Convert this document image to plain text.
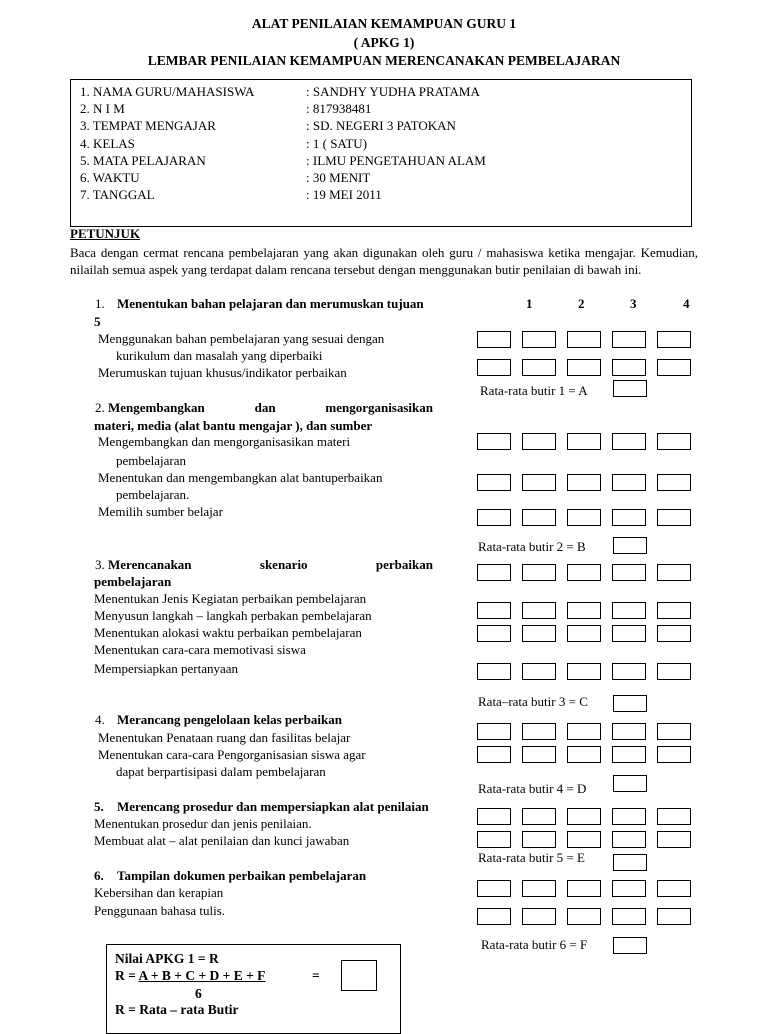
ALAT PENILAIAN KEMAMPUAN GURU 1
( APKG 1)
LEMBAR PENILAIAN KEMAMPUAN MERENCANAKAN PEMBELAJARAN
1. NAMA GURU/MAHASISWA	: SANDHY YUDHA PRATAMA
2. N I M	: 817938481
3. TEMPAT MENGAJAR	: SD. NEGERI 3 PATOKAN
4. KELAS	: 1 ( SATU)
5. MATA PELAJARAN	: ILMU PENGETAHUAN ALAM
6. WAKTU	: 30 MENIT
7. TANGGAL	: 19 MEI 2011
PETUNJUK
Baca dengan cermat rencana pembelajaran yang akan digunakan oleh guru / mahasiswa ketika mengajar. Kemudian, nilailah semua aspek yang terdapat dalam rencana tersebut dengan menggunakan butir penilaian di bawah ini.
1. Menentukan bahan pelajaran dan merumuskan tujuan	1	2	3	4
5
Menggunakan bahan pembelajaran yang sesuai dengan
kurikulum dan masalah yang diperbaiki
Merumuskan tujuan khusus/indikator perbaikan
Rata-rata butir 1 = A
2. Mengembangkan	dan	mengorganisasikan
materi, media (alat bantu mengajar ), dan sumber
Mengembangkan dan mengorganisasikan materi
pembelajaran
Menentukan dan mengembangkan alat bantuperbaikan
pembelajaran.
Memilih sumber belajar
Rata-rata butir 2 = B
3. Merencanakan	skenario	perbaikan
pembelajaran
Menentukan Jenis Kegiatan perbaikan pembelajaran
Menyusun langkah – langkah perbakan pembelajaran
Menentukan alokasi waktu perbaikan pembelajaran
Menentukan cara-cara memotivasi siswa
Mempersiapkan pertanyaan
Rata–rata butir 3 = C
4. Merancang pengelolaan kelas perbaikan
Menentukan Penataan ruang dan fasilitas belajar
Menentukan cara-cara Pengorganisasian siswa agar
dapat berpartisipasi dalam pembelajaran
Rata-rata butir 4 = D
5. Merencang prosedur dan mempersiapkan alat penilaian
Menentukan prosedur dan jenis penilaian.
Membuat alat – alat penilaian dan kunci jawaban
Rata-rata butir 5 = E
6. Tampilan dokumen perbaikan pembelajaran
Kebersihan dan kerapian
Penggunaan bahasa tulis.
Rata-rata butir 6 = F
Nilai APKG 1 = R
R = A + B + C + D + E + F	=
6
R = Rata – rata Butir
